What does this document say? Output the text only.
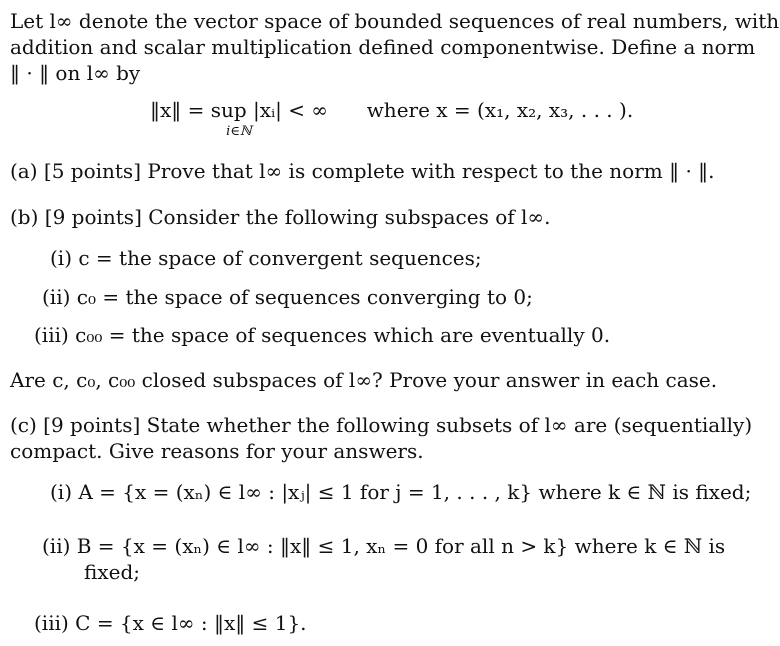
Let l∞ denote the vector space of bounded sequences of real numbers, with
addition and scalar multiplication defined componentwise. Define a norm
‖ · ‖ on l∞ by
‖x‖ = sup |xᵢ| < ∞
i∈ℕ
where x = (x₁, x₂, x₃, . . . ).
(a) [5 points] Prove that l∞ is complete with respect to the norm ‖ · ‖.
(b) [9 points] Consider the following subspaces of l∞.
(i) c = the space of convergent sequences;
(ii) c₀ = the space of sequences converging to 0;
(iii) c₀₀ = the space of sequences which are eventually 0.
Are c, c₀, c₀₀ closed subspaces of l∞? Prove your answer in each case.
(c) [9 points] State whether the following subsets of l∞ are (sequentially)
compact. Give reasons for your answers.
(i) A = {x = (xₙ) ∈ l∞ : |xⱼ| ≤ 1 for j = 1, . . . , k} where k ∈ ℕ is fixed;
(ii) B = {x = (xₙ) ∈ l∞ : ‖x‖ ≤ 1, xₙ = 0 for all n > k} where k ∈ ℕ is
fixed;
(iii) C = {x ∈ l∞ : ‖x‖ ≤ 1}.
